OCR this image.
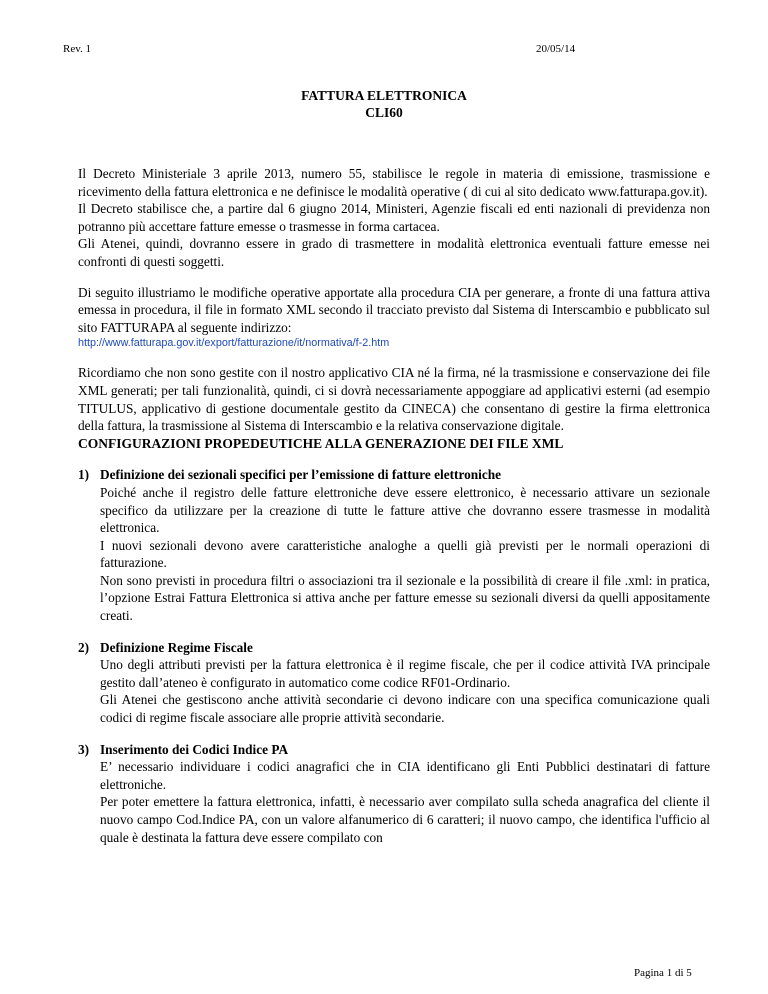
Rev. 1	20/05/14
FATTURA ELETTRONICA
CLI60

Il Decreto Ministeriale 3 aprile 2013, numero 55, stabilisce le regole in materia di emissione, trasmissione e ricevimento della fattura elettronica e ne definisce le modalità operative ( di cui al sito dedicato www.fatturapa.gov.it).

Il Decreto stabilisce che, a partire dal 6 giugno 2014, Ministeri, Agenzie fiscali ed enti nazionali di previdenza non potranno più accettare fatture emesse o trasmesse in forma cartacea.

Gli Atenei, quindi, dovranno essere in grado di trasmettere in modalità elettronica eventuali fatture emesse nei confronti di questi soggetti.

Di seguito illustriamo le modifiche operative apportate alla procedura CIA per generare, a fronte di una fattura attiva emessa in procedura, il file in formato XML secondo il tracciato previsto dal Sistema di Interscambio e pubblicato sul sito FATTURAPA al seguente indirizzo:

http://www.fatturapa.gov.it/export/fatturazione/it/normativa/f-2.htm

Ricordiamo che non sono gestite con il nostro applicativo CIA né la firma, né la trasmissione e conservazione dei file XML generati; per tali funzionalità, quindi, ci si dovrà necessariamente appoggiare ad applicativi esterni (ad esempio TITULUS, applicativo di gestione documentale gestito da CINECA) che consentano di gestire la firma elettronica della fattura, la trasmissione al Sistema di Interscambio e la relativa conservazione digitale.

CONFIGURAZIONI PROPEDEUTICHE ALLA GENERAZIONE DEI FILE XML

1) Definizione dei sezionali specifici per l’emissione di fatture elettroniche

Poiché anche il registro delle fatture elettroniche deve essere elettronico, è necessario attivare un sezionale specifico da utilizzare per la creazione di tutte le fatture attive che dovranno essere trasmesse in modalità elettronica.

I nuovi sezionali devono avere caratteristiche analoghe a quelli già previsti per le normali operazioni di fatturazione.

Non sono previsti in procedura filtri o associazioni tra il sezionale e la possibilità di creare il file .xml: in pratica, l’opzione Estrai Fattura Elettronica si attiva anche per fatture emesse su sezionali diversi da quelli appositamente creati.

2) Definizione Regime Fiscale

Uno degli attributi previsti per la fattura elettronica è il regime fiscale, che per il codice attività IVA principale gestito dall’ateneo è configurato in automatico come codice RF01-Ordinario.

Gli Atenei che gestiscono anche attività secondarie ci devono indicare con una specifica comunicazione quali codici di regime fiscale associare alle proprie attività secondarie.

3) Inserimento dei Codici Indice PA

E’ necessario individuare i codici anagrafici che in CIA identificano gli Enti Pubblici destinatari di fatture elettroniche.

Per poter emettere la fattura elettronica, infatti, è necessario aver compilato sulla scheda anagrafica del cliente il nuovo campo Cod.Indice PA, con un valore alfanumerico di 6 caratteri; il nuovo campo, che identifica l'ufficio al quale è destinata la fattura deve essere compilato con

Pagina 1 di 5
